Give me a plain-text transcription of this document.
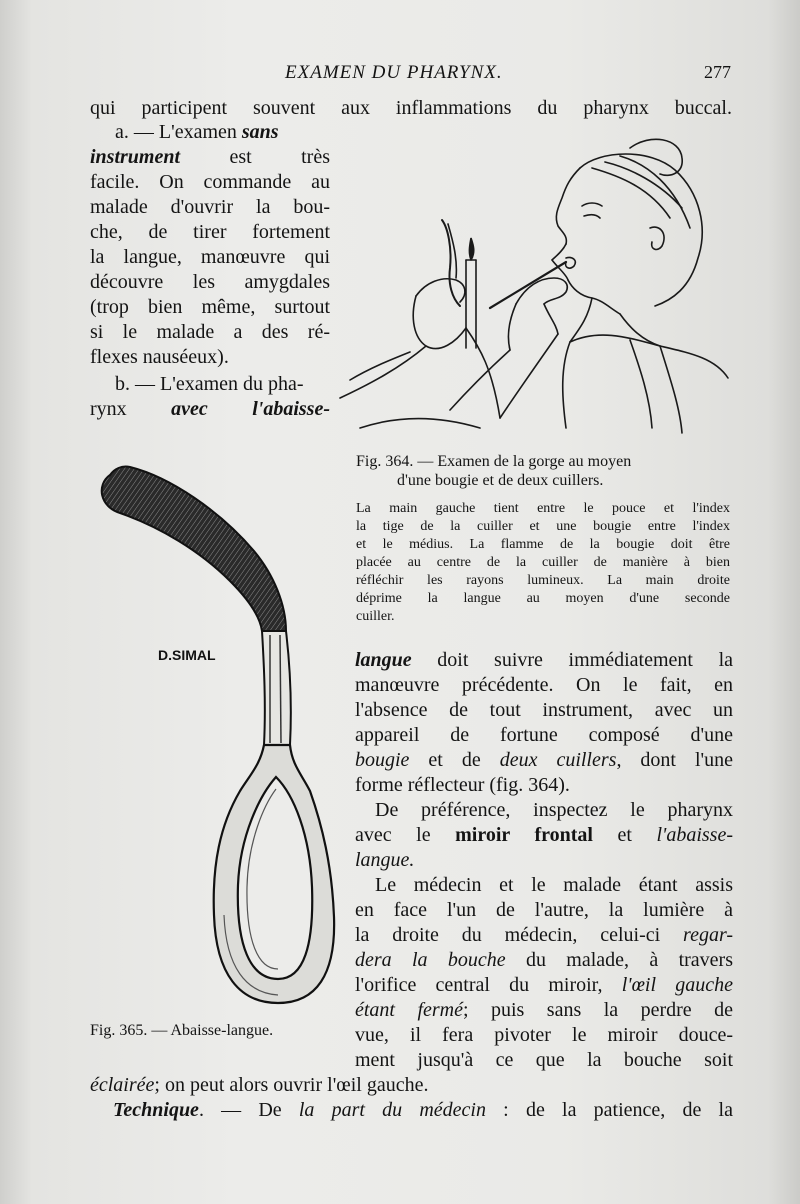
EXAMEN DU PHARYNX.	277
qui participent souvent aux inflammations du pharynx buccal.
a. — L'examen sans
instrument est très
facile. On commande au
malade d'ouvrir la bou-
che, de tirer fortement
la langue, manœuvre qui
découvre les amygdales
(trop bien même, surtout
si le malade a des ré-
flexes nauséeux).
b. — L'examen du pha-
rynx avec l'abaisse-
Fig. 364. — Examen de la gorge au moyen
d'une bougie et de deux cuillers.
La main gauche tient entre le pouce et l'index
la tige de la cuiller et une bougie entre l'index
et le médius. La flamme de la bougie doit être
placée au centre de la cuiller de manière à bien
réfléchir les rayons lumineux. La main droite
déprime la langue au moyen d'une seconde
cuiller.
D.SIMAL
Fig. 365. — Abaisse-langue.
langue doit suivre immédiatement la
manœuvre précédente. On le fait, en
l'absence de tout instrument, avec un
appareil de fortune composé d'une
bougie et de deux cuillers, dont l'une
forme réflecteur (fig. 364).
De préférence, inspectez le pharynx
avec le miroir frontal et l'abaisse-
langue.
Le médecin et le malade étant assis
en face l'un de l'autre, la lumière à
la droite du médecin, celui-ci regar-
dera la bouche du malade, à travers
l'orifice central du miroir, l'œil gauche
étant fermé; puis sans la perdre de
vue, il fera pivoter le miroir douce-
ment jusqu'à ce que la bouche soit
éclairée; on peut alors ouvrir l'œil gauche.
Technique. — De la part du médecin : de la patience, de la
